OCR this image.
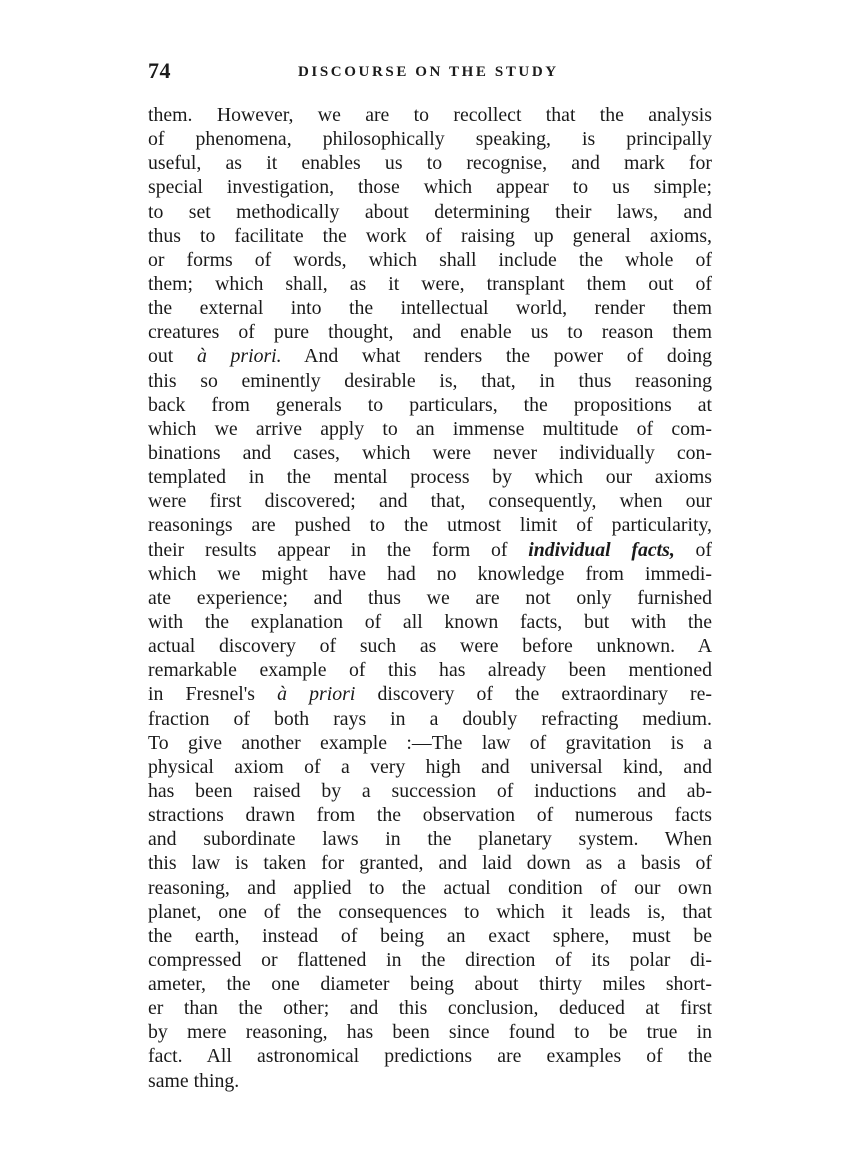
74	DISCOURSE ON THE STUDY
them. However, we are to recollect that the analysis
of phenomena, philosophically speaking, is principally
useful, as it enables us to recognise, and mark for
special investigation, those which appear to us simple;
to set methodically about determining their laws, and
thus to facilitate the work of raising up general axioms,
or forms of words, which shall include the whole of
them; which shall, as it were, transplant them out of
the external into the intellectual world, render them
creatures of pure thought, and enable us to reason them
out à priori. And what renders the power of doing
this so eminently desirable is, that, in thus reasoning
back from generals to particulars, the propositions at
which we arrive apply to an immense multitude of com-
binations and cases, which were never individually con-
templated in the mental process by which our axioms
were first discovered; and that, consequently, when our
reasonings are pushed to the utmost limit of particularity,
their results appear in the form of individual facts, of
which we might have had no knowledge from immedi-
ate experience; and thus we are not only furnished
with the explanation of all known facts, but with the
actual discovery of such as were before unknown. A
remarkable example of this has already been mentioned
in Fresnel's à priori discovery of the extraordinary re-
fraction of both rays in a doubly refracting medium.
To give another example :—The law of gravitation is a
physical axiom of a very high and universal kind, and
has been raised by a succession of inductions and ab-
stractions drawn from the observation of numerous facts
and subordinate laws in the planetary system. When
this law is taken for granted, and laid down as a basis of
reasoning, and applied to the actual condition of our own
planet, one of the consequences to which it leads is, that
the earth, instead of being an exact sphere, must be
compressed or flattened in the direction of its polar di-
ameter, the one diameter being about thirty miles short-
er than the other; and this conclusion, deduced at first
by mere reasoning, has been since found to be true in
fact. All astronomical predictions are examples of the
same thing.
